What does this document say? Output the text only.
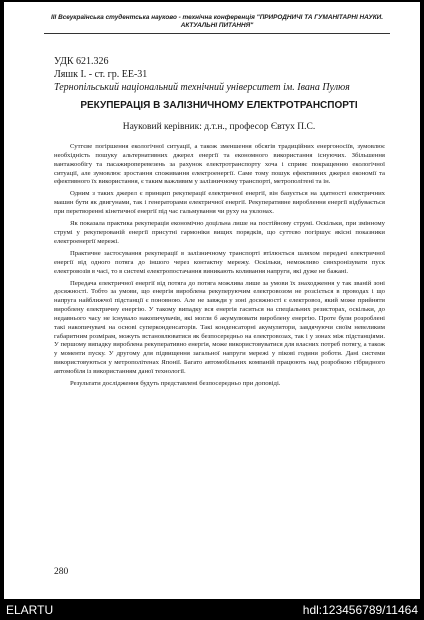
III Всеукраїнська студентська науково - технічна конференція "ПРИРОДНИЧІ ТА ГУМАНІТАРНІ НАУКИ.
АКТУАЛЬНІ ПИТАННЯ"
УДК 621.326
Ляшк І. - ст. гр. ЕЕ-31
Тернопільський національний технічний університет ім. Івана Пулюя
РЕКУПЕРАЦІЯ В ЗАЛІЗНИЧНОМУ ЕЛЕКТРОТРАНСПОРТІ
Науковий керівник: д.т.н., професор Євтух П.С.

Сутгєве погіршення екологічної ситуації, а також зменшення обсягів традиційних енергоносіїв, зумовлює необхідність пошуку альтернативних джерел енергії та економного використання існуючих. Збільшення вантажообігу та пасажироперевезень за рахунок електротранспорту хоча і сприяє покращенню екологічної ситуації, але зумовлює зростання споживання електроенергії. Саме тому пошук ефективних джерел економії та ефективного їх використання, є таким важливим у залізничному транспорті, метрополітені та ін.

Одним з таких джерел є принцип рекуперації електричної енергії, він базується на здатності електричних машин бути як двигунами, так і генераторами електричної енергії. Рекуперативне вироблення енергії відбувається при перетворенні кінетичної енергії під час гальмування чи руху на уклонах.

Як показала практика рекуперація економічно доцільна лише на постійному струмі. Оскільки, при змінному струмі у рекуперованій енергії присутні гармоніки вищих порядків, що суттєво погіршує якісні показники електроенергії мережі.

Практичне застосування рекуперації в залізничному транспорті втілюється шляхом передачі електричної енергії від одного потяга до іншого через контактну мережу. Оскільки, неможливо синхронізувати пуск електровозів в часі, то в системі електропостачання виникають коливання напруги, які дуже не бажані.

Передача електричної енергії від потяга до потяга можлива лише за умови їх знаходження у так званій зоні досяжності. Тобто за умови, що енергія вироблена рекуперуючим електровозом не розсіється в проводах і що напруга найближчої підстанції є поновною. Але не завжди у зоні досяжності є електровоз, який може прийняти вироблену електричну енергію. У такому випадку вся енергія гаситься на спеціальних резисторах, оскільки, до недавнього часу не існувало накопичувачів, які могли б акумулювати вироблену енергію. Проте були розроблені такі накопичувачі на основі суперконденсаторів. Такі конденсаторні акумулятори, завдячуючи своїм невеликим габаритним розмірам, можуть встановлюватися як безпосередньо на електровозах, так і у зонах між підстанціями. У першому випадку вироблена рекуперативно енергія, може використовуватися для власних потреб потягу, а також у моменти пуску. У другому для підвищення загальної напруги мережі у пікові години роботи. Дані системи використовуються у метрополітенах Японії. Багато автомобільних компаній працюють над розробкою гібридного автомобіля із використанням даної технології.

Результати дослідження будуть представлені безпосередньо при доповіді.

280
ELARTU	hdl:123456789/11464
